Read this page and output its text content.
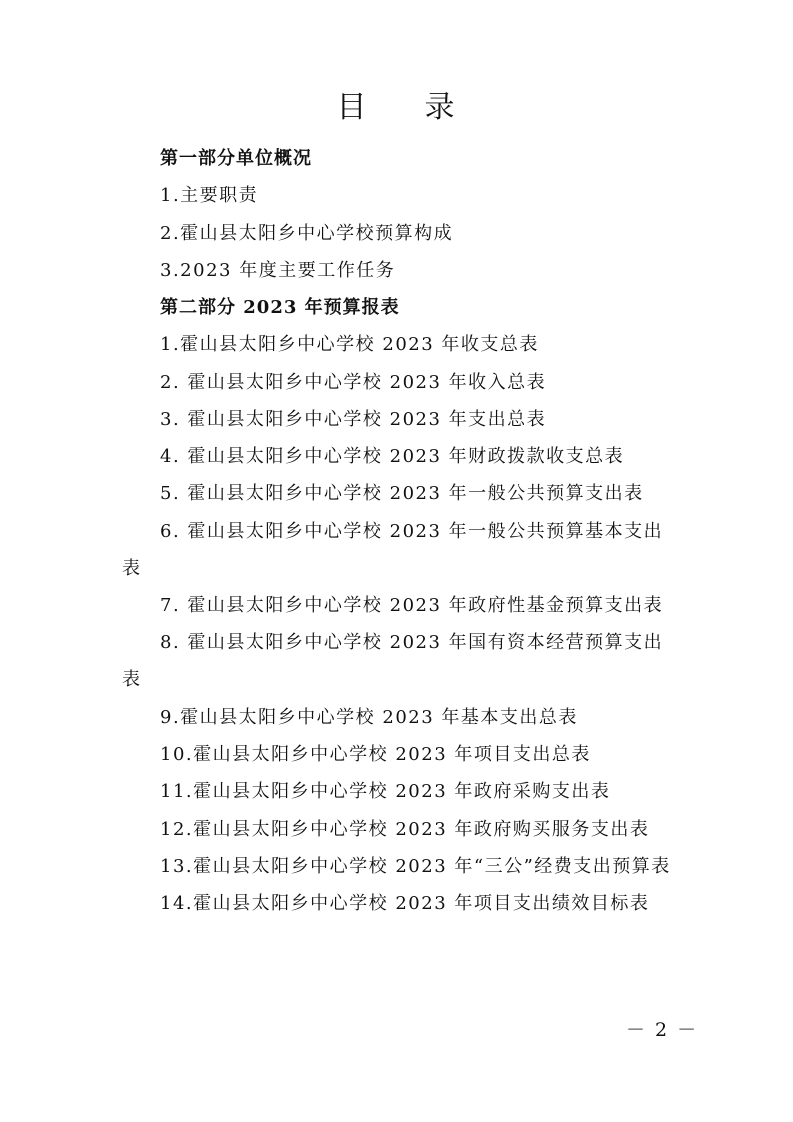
目 录
第一部分单位概况
1.主要职责
2.霍山县太阳乡中心学校预算构成
3.2023 年度主要工作任务
第二部分 2023 年预算报表
1.霍山县太阳乡中心学校 2023 年收支总表
2. 霍山县太阳乡中心学校 2023 年收入总表
3. 霍山县太阳乡中心学校 2023 年支出总表
4. 霍山县太阳乡中心学校 2023 年财政拨款收支总表
5. 霍山县太阳乡中心学校 2023 年一般公共预算支出表
6. 霍山县太阳乡中心学校 2023 年一般公共预算基本支出
表
7. 霍山县太阳乡中心学校 2023 年政府性基金预算支出表
8. 霍山县太阳乡中心学校 2023 年国有资本经营预算支出
表
9.霍山县太阳乡中心学校 2023 年基本支出总表
10.霍山县太阳乡中心学校 2023 年项目支出总表
11.霍山县太阳乡中心学校 2023 年政府采购支出表
12.霍山县太阳乡中心学校 2023 年政府购买服务支出表
13.霍山县太阳乡中心学校 2023 年“三公”经费支出预算表
14.霍山县太阳乡中心学校 2023 年项目支出绩效目标表
－ 2 －
